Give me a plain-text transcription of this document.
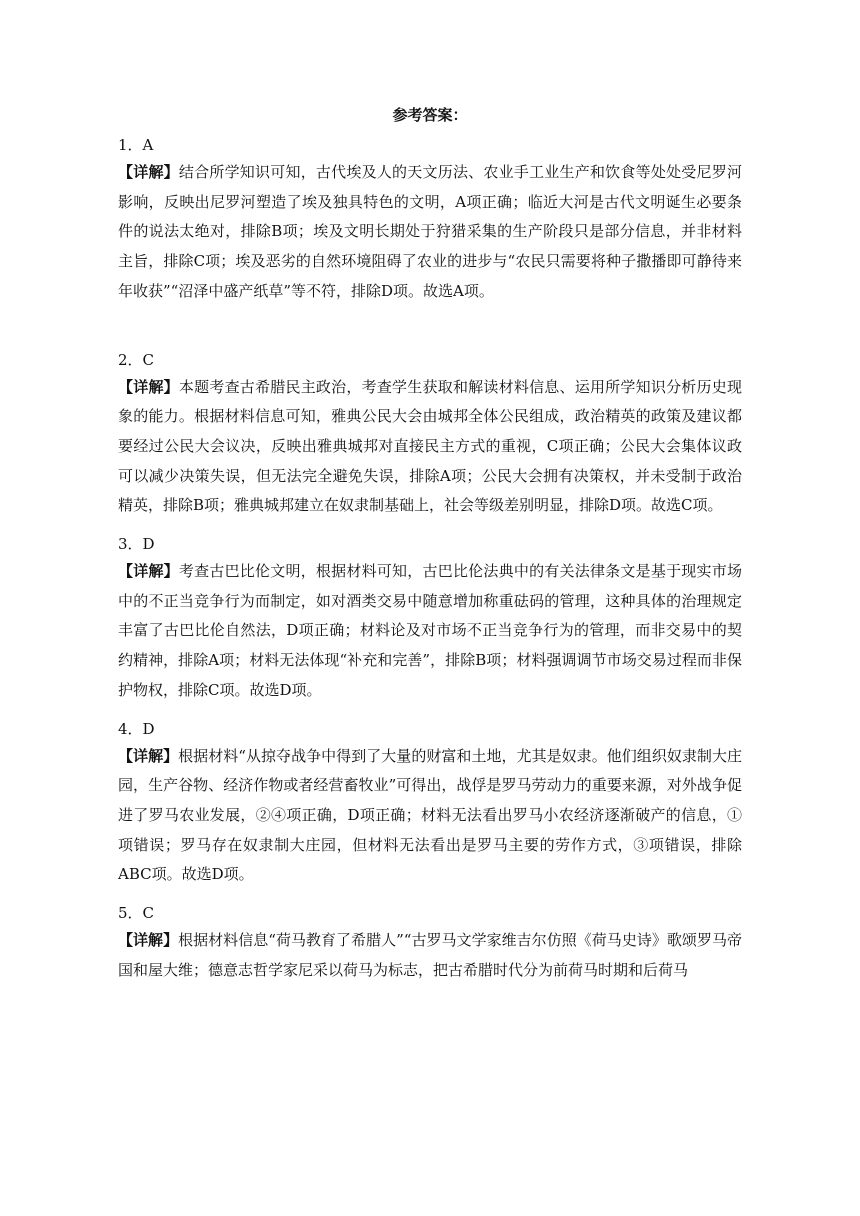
参考答案：

1．A

【详解】结合所学知识可知，古代埃及人的天文历法、农业手工业生产和饮食等处处受尼罗河影响，反映出尼罗河塑造了埃及独具特色的文明，A项正确；临近大河是古代文明诞生必要条件的说法太绝对，排除B项；埃及文明长期处于狩猎采集的生产阶段只是部分信息，并非材料主旨，排除C项；埃及恶劣的自然环境阻碍了农业的进步与“农民只需要将种子撒播即可静待来年收获”“沼泽中盛产纸草”等不符，排除D项。故选A项。

2．C

【详解】本题考查古希腊民主政治，考查学生获取和解读材料信息、运用所学知识分析历史现象的能力。根据材料信息可知，雅典公民大会由城邦全体公民组成，政治精英的政策及建议都要经过公民大会议决，反映出雅典城邦对直接民主方式的重视，C项正确；公民大会集体议政可以减少决策失误，但无法完全避免失误，排除A项；公民大会拥有决策权，并未受制于政治精英，排除B项；雅典城邦建立在奴隶制基础上，社会等级差别明显，排除D项。故选C项。

3．D

【详解】考查古巴比伦文明，根据材料可知，古巴比伦法典中的有关法律条文是基于现实市场中的不正当竞争行为而制定，如对酒类交易中随意增加称重砝码的管理，这种具体的治理规定丰富了古巴比伦自然法，D项正确；材料论及对市场不正当竞争行为的管理，而非交易中的契约精神，排除A项；材料无法体现“补充和完善”，排除B项；材料强调调节市场交易过程而非保护物权，排除C项。故选D项。

4．D

【详解】根据材料“从掠夺战争中得到了大量的财富和土地，尤其是奴隶。他们组织奴隶制大庄园，生产谷物、经济作物或者经营畜牧业”可得出，战俘是罗马劳动力的重要来源，对外战争促进了罗马农业发展，②④项正确，D项正确；材料无法看出罗马小农经济逐渐破产的信息，①项错误；罗马存在奴隶制大庄园，但材料无法看出是罗马主要的劳作方式，③项错误，排除ABC项。故选D项。

5．C

【详解】根据材料信息“荷马教育了希腊人”“古罗马文学家维吉尔仿照《荷马史诗》歌颂罗马帝国和屋大维；德意志哲学家尼采以荷马为标志，把古希腊时代分为前荷马时期和后荷马
